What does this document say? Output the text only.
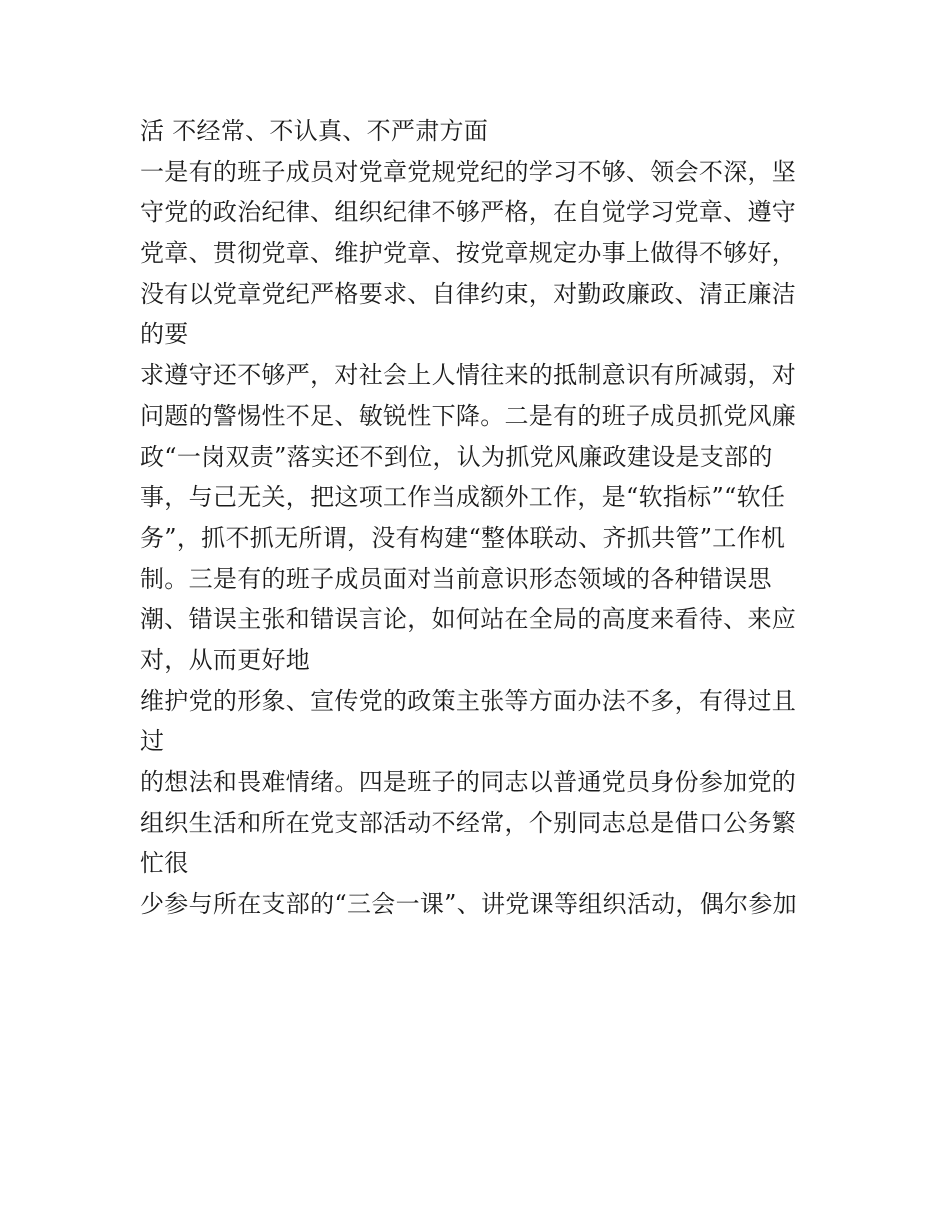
活 不经常、不认真、不严肃方面
一是有的班子成员对党章党规党纪的学习不够、领会不深，坚
守党的政治纪律、组织纪律不够严格，在自觉学习党章、遵守
党章、贯彻党章、维护党章、按党章规定办事上做得不够好，
没有以党章党纪严格要求、自律约束，对勤政廉政、清正廉洁
的要
求遵守还不够严，对社会上人情往来的抵制意识有所减弱，对
问题的警惕性不足、敏锐性下降。二是有的班子成员抓党风廉
政“一岗双责”落实还不到位，认为抓党风廉政建设是支部的
事，与己无关，把这项工作当成额外工作，是“软指标”“软任
务”，抓不抓无所谓，没有构建“整体联动、齐抓共管”工作机
制。三是有的班子成员面对当前意识形态领域的各种错误思
潮、错误主张和错误言论，如何站在全局的高度来看待、来应
对，从而更好地
维护党的形象、宣传党的政策主张等方面办法不多，有得过且
过
的想法和畏难情绪。四是班子的同志以普通党员身份参加党的
组织生活和所在党支部活动不经常，个别同志总是借口公务繁
忙很
少参与所在支部的“三会一课”、讲党课等组织活动，偶尔参加
